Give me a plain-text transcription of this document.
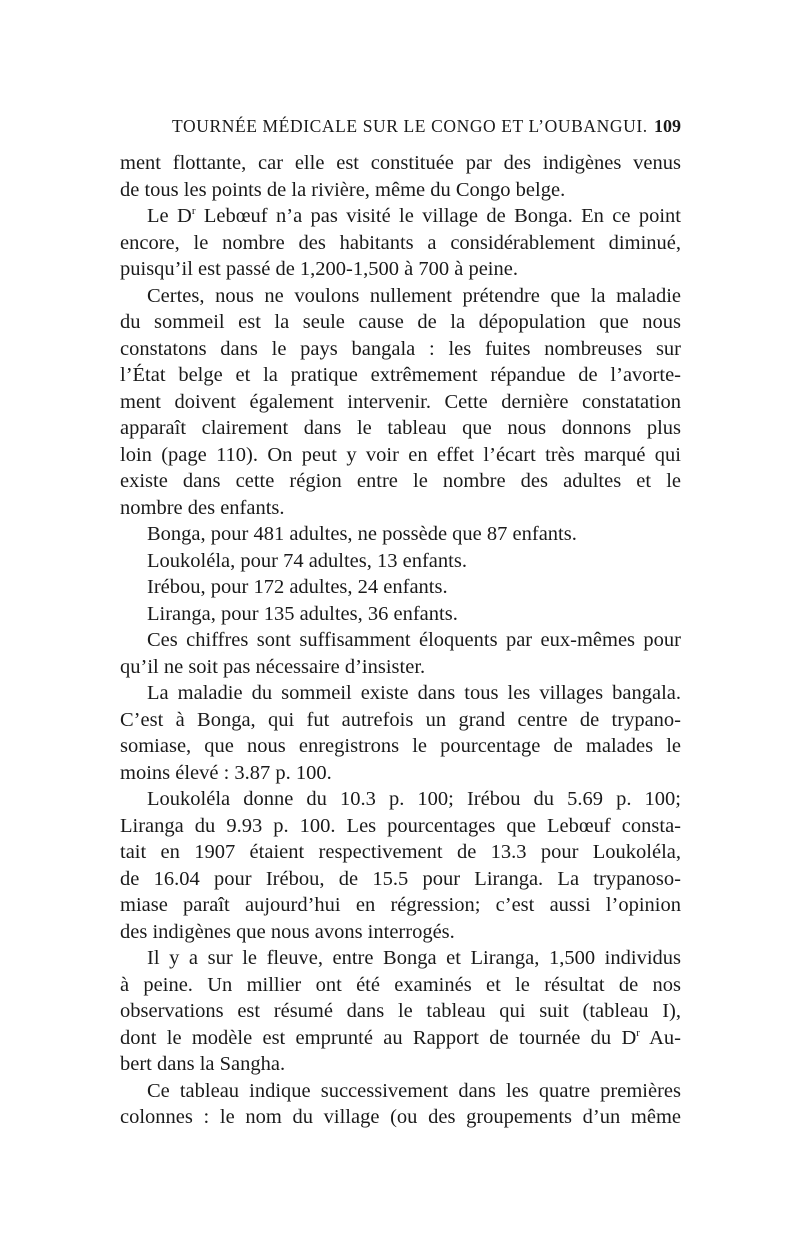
TOURNÉE MÉDICALE SUR LE CONGO ET L’OUBANGUI. 109
ment flottante, car elle est constituée par des indigènes venus
de tous les points de la rivière, même du Congo belge.
Le $D^r$ Lebœuf n’a pas visité le village de Bonga. En ce point
encore, le nombre des habitants a considérablement diminué,
puisqu’il est passé de 1,200-1,500 à 700 à peine.
Certes, nous ne voulons nullement prétendre que la maladie
du sommeil est la seule cause de la dépopulation que nous
constatons dans le pays bangala : les fuites nombreuses sur
l’État belge et la pratique extrêmement répandue de l’avorte-
ment doivent également intervenir. Cette dernière constatation
apparaît clairement dans le tableau que nous donnons plus
loin (page 110). On peut y voir en effet l’écart très marqué qui
existe dans cette région entre le nombre des adultes et le
nombre des enfants.
Bonga, pour 481 adultes, ne possède que 87 enfants.
Loukoléla, pour 74 adultes, 13 enfants.
Irébou, pour 172 adultes, 24 enfants.
Liranga, pour 135 adultes, 36 enfants.
Ces chiffres sont suffisamment éloquents par eux-mêmes pour
qu’il ne soit pas nécessaire d’insister.
La maladie du sommeil existe dans tous les villages bangala.
C’est à Bonga, qui fut autrefois un grand centre de trypano-
somiase, que nous enregistrons le pourcentage de malades le
moins élevé : 3.87 p. 100.
Loukoléla donne du 10.3 p. 100; Irébou du 5.69 p. 100;
Liranga du 9.93 p. 100. Les pourcentages que Lebœuf consta-
tait en 1907 étaient respectivement de 13.3 pour Loukoléla,
de 16.04 pour Irébou, de 15.5 pour Liranga. La trypanoso-
miase paraît aujourd’hui en régression; c’est aussi l’opinion
des indigènes que nous avons interrogés.
Il y a sur le fleuve, entre Bonga et Liranga, 1,500 individus
à peine. Un millier ont été examinés et le résultat de nos
observations est résumé dans le tableau qui suit (tableau I),
dont le modèle est emprunté au Rapport de tournée du $D^r$ Au-
bert dans la Sangha.
Ce tableau indique successivement dans les quatre premières
colonnes : le nom du village (ou des groupements d’un même
